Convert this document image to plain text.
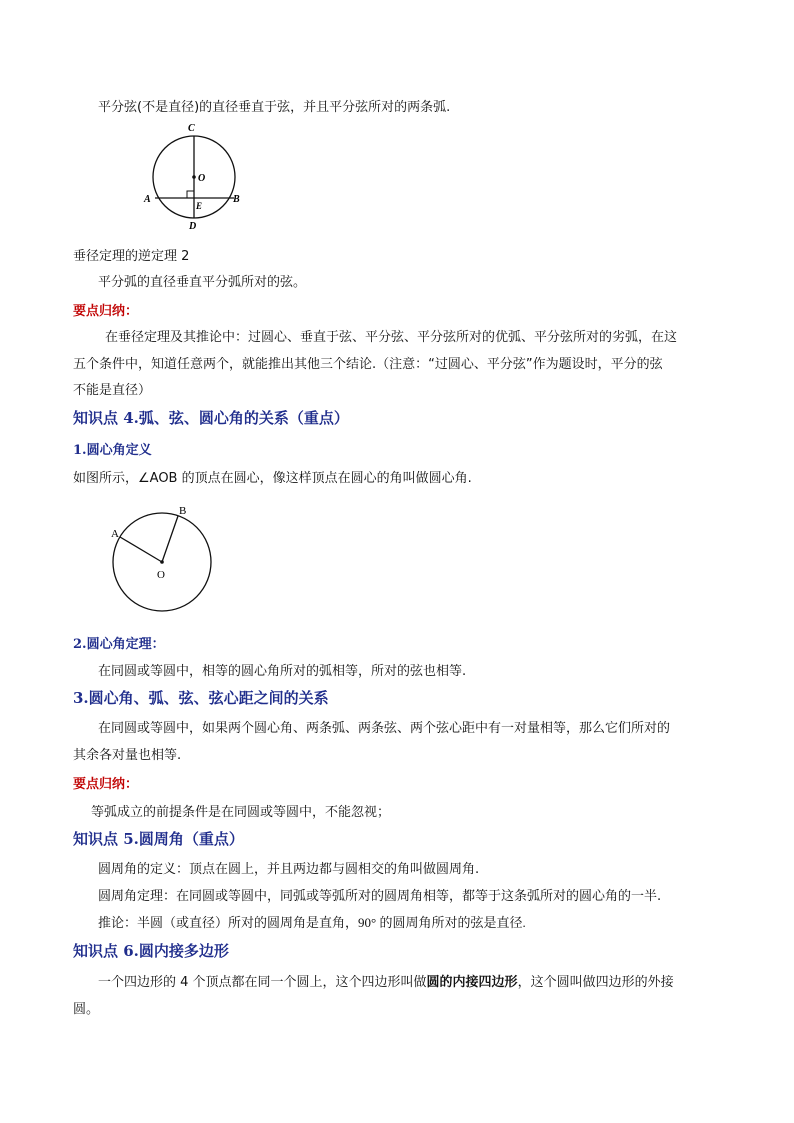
平分弦(不是直径)的直径垂直于弦，并且平分弦所对的两条弧.
C
O
A	B
E
D
垂径定理的逆定理 2
平分弧的直径垂直平分弧所对的弦。
要点归纳：
在垂径定理及其推论中：过圆心、垂直于弦、平分弦、平分弦所对的优弧、平分弦所对的劣弧，在这
五个条件中，知道任意两个，就能推出其他三个结论.（注意：“过圆心、平分弦”作为题设时，平分的弦
不能是直径）
知识点 4.弧、弦、圆心角的关系（重点）
1.圆心角定义
如图所示，∠AOB 的顶点在圆心，像这样顶点在圆心的角叫做圆心角.
A
B
O
2.圆心角定理：
在同圆或等圆中，相等的圆心角所对的弧相等，所对的弦也相等.
3.圆心角、弧、弦、弦心距之间的关系
在同圆或等圆中，如果两个圆心角、两条弧、两条弦、两个弦心距中有一对量相等，那么它们所对的
其余各对量也相等.
要点归纳：
等弧成立的前提条件是在同圆或等圆中，不能忽视；
知识点 5.圆周角（重点）
圆周角的定义：顶点在圆上，并且两边都与圆相交的角叫做圆周角.
圆周角定理：在同圆或等圆中，同弧或等弧所对的圆周角相等，都等于这条弧所对的圆心角的一半.
推论：半圆（或直径）所对的圆周角是直角，90° 的圆周角所对的弦是直径.
知识点 6.圆内接多边形
一个四边形的 4 个顶点都在同一个圆上，这个四边形叫做圆的内接四边形，这个圆叫做四边形的外接
圆。
